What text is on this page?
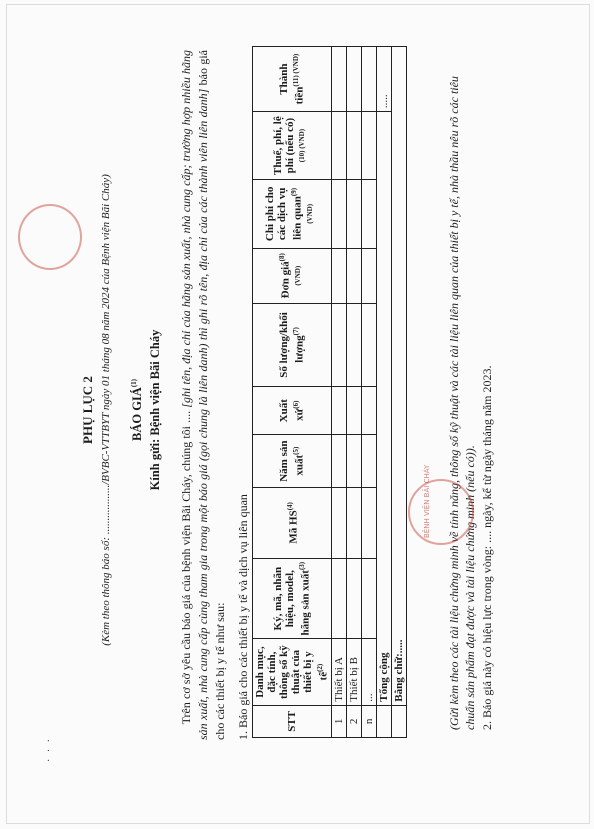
· · ·
PHỤ LỤC 2 (Kèm theo thông báo số: ................../BVBC-VTTBYT ngày 01 tháng 08 năm 2024 của Bệnh viện Bãi Cháy) BÁO GIÁ$^{(1)}$ Kính gửi: Bệnh viện Bãi Cháy
Trên cơ sở yêu cầu báo giá của bệnh viện Bãi Cháy, chúng tôi .... [ghi tên, địa chỉ của hãng sản xuất, nhà cung cấp; trường hợp nhiều hãng sản xuất, nhà cung cấp cùng tham gia trong một báo giá (gọi chung là liên danh) thì ghi rõ tên, địa chỉ của các thành viên liên danh] báo giá cho các thiết bị y tế như sau: 1. Báo giá cho các thiết bị y tế và dịch vụ liên quan	STT	Danh mục, đặc tính, thông số kỹ thuật của thiết bị y tế$^{(2)}$	Ký, mã, nhãn hiệu, model, hãng sản xuất$^{(3)}$	Mã HS$^{(4)}$	Năm sản xuất$^{(5)}$	Xuất xứ$^{(6)}$	Số lượng/khối lượng$^{(7)}$	Đơn giá$^{(8) (VND)}$	Chi phí cho các dịch vụ liên quan$^{(9) (VND)}$	Thuế, phí, lệ phí (nếu có) $^{(10) (VND)}$	Thành tiền$^{(11) (VND)}$
1	Thiết bị A									
2	Thiết bị B									
n	...									
	Tổng cộng									.....
	Bằng chữ:.....										(Gửi kèm theo các tài liệu chứng minh về tính năng, thông số kỹ thuật và các tài liệu liên quan của thiết bị y tế, nhà thầu nêu rõ các tiêu chuẩn sản phẩm đạt được và tài liệu chứng minh (nếu có)). 2. Báo giá này có hiệu lực trong vòng: .... ngày, kể từ ngày tháng năm 2023.
BỆNH VIỆN BÃI CHÁY
